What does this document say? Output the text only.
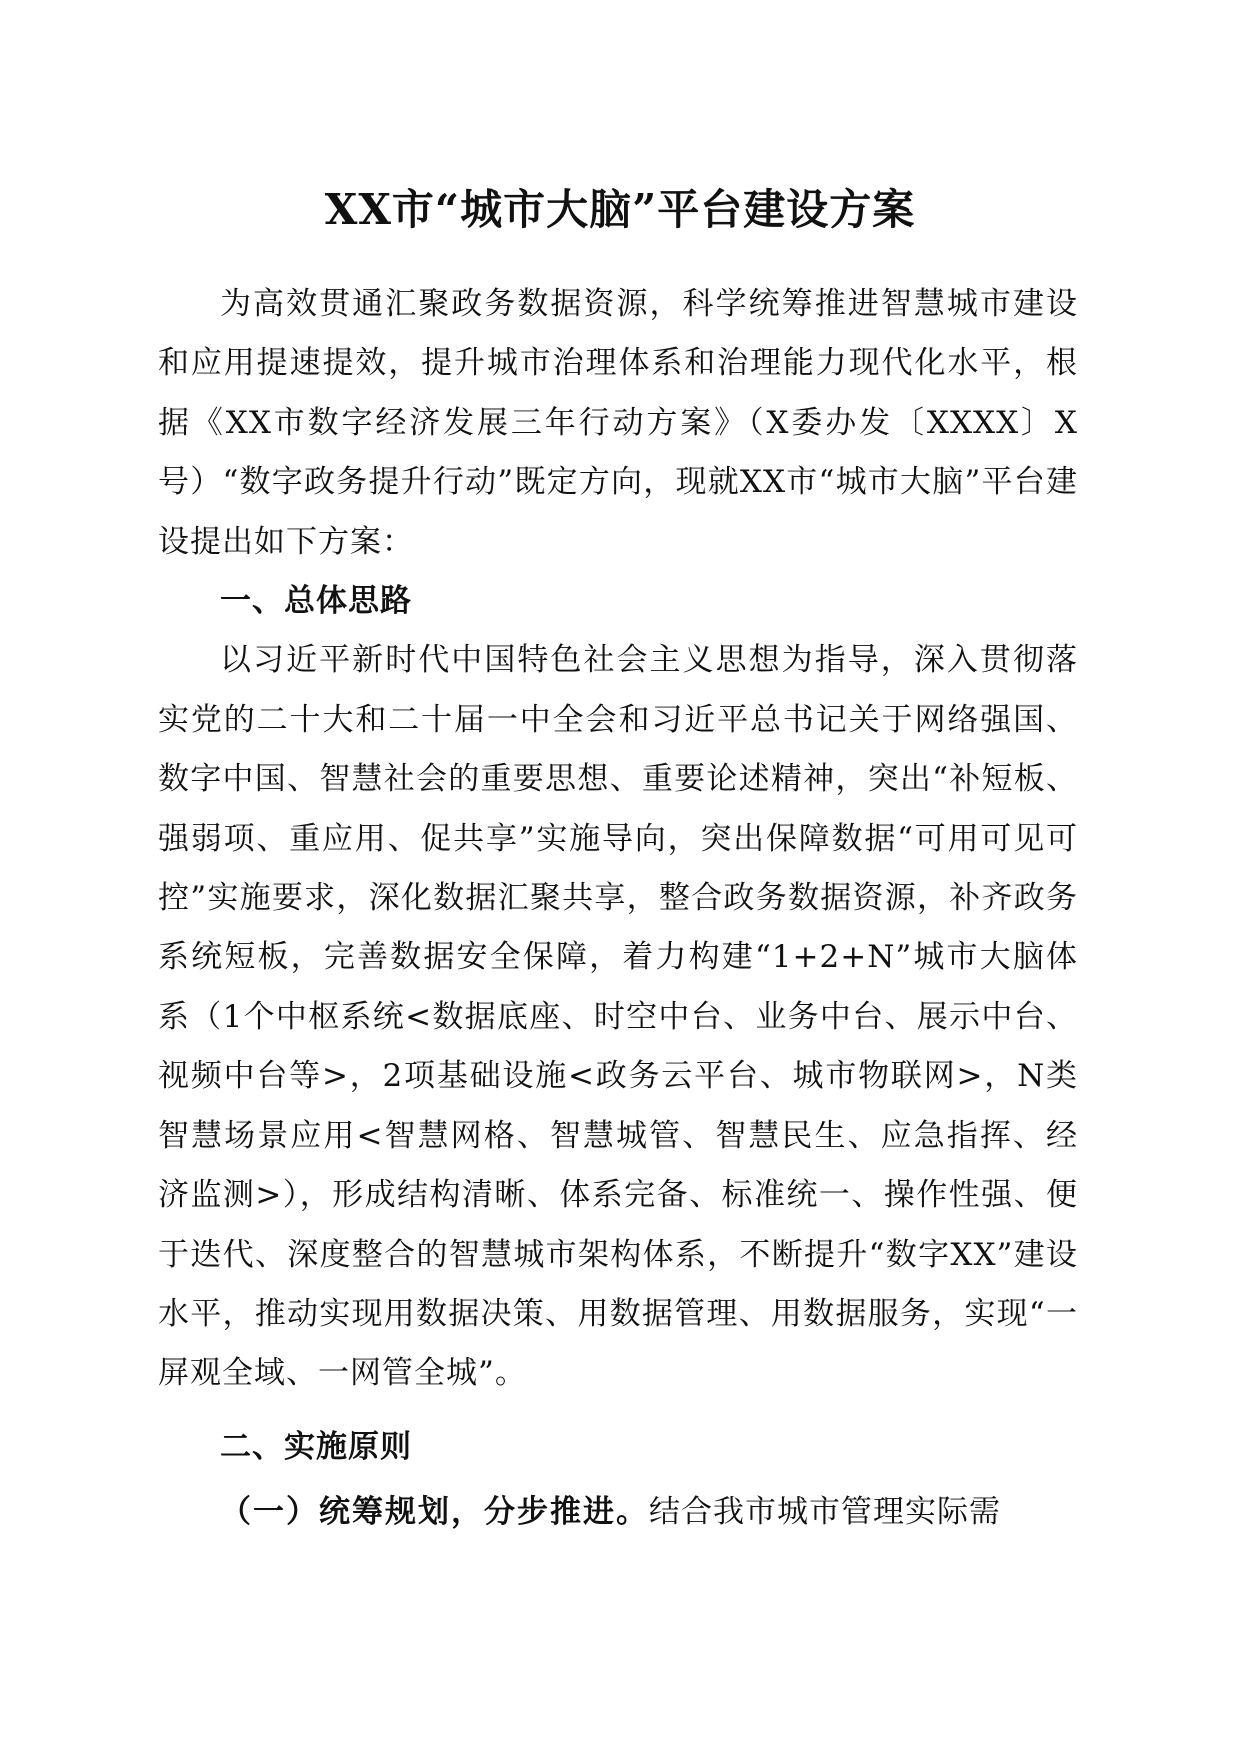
XX市“城市大脑”平台建设方案

为高效贯通汇聚政务数据资源，科学统筹推进智慧城市建设和应用提速提效，提升城市治理体系和治理能力现代化水平，根据《XX市数字经济发展三年行动方案》（X委办发〔XXXX〕X号）“数字政务提升行动”既定方向，现就XX市“城市大脑”平台建设提出如下方案：

一、总体思路

以习近平新时代中国特色社会主义思想为指导，深入贯彻落实党的二十大和二十届一中全会和习近平总书记关于网络强国、数字中国、智慧社会的重要思想、重要论述精神，突出“补短板、强弱项、重应用、促共享”实施导向，突出保障数据“可用可见可控”实施要求，深化数据汇聚共享，整合政务数据资源，补齐政务系统短板，完善数据安全保障，着力构建“1+2+N”城市大脑体系（1个中枢系统<数据底座、时空中台、业务中台、展示中台、视频中台等>，2项基础设施<政务云平台、城市物联网>，N类智慧场景应用<智慧网格、智慧城管、智慧民生、应急指挥、经济监测>），形成结构清晰、体系完备、标准统一、操作性强、便于迭代、深度整合的智慧城市架构体系，不断提升“数字XX”建设水平，推动实现用数据决策、用数据管理、用数据服务，实现“一屏观全域、一网管全城”。

二、实施原则

（一）统筹规划，分步推进。结合我市城市管理实际需
